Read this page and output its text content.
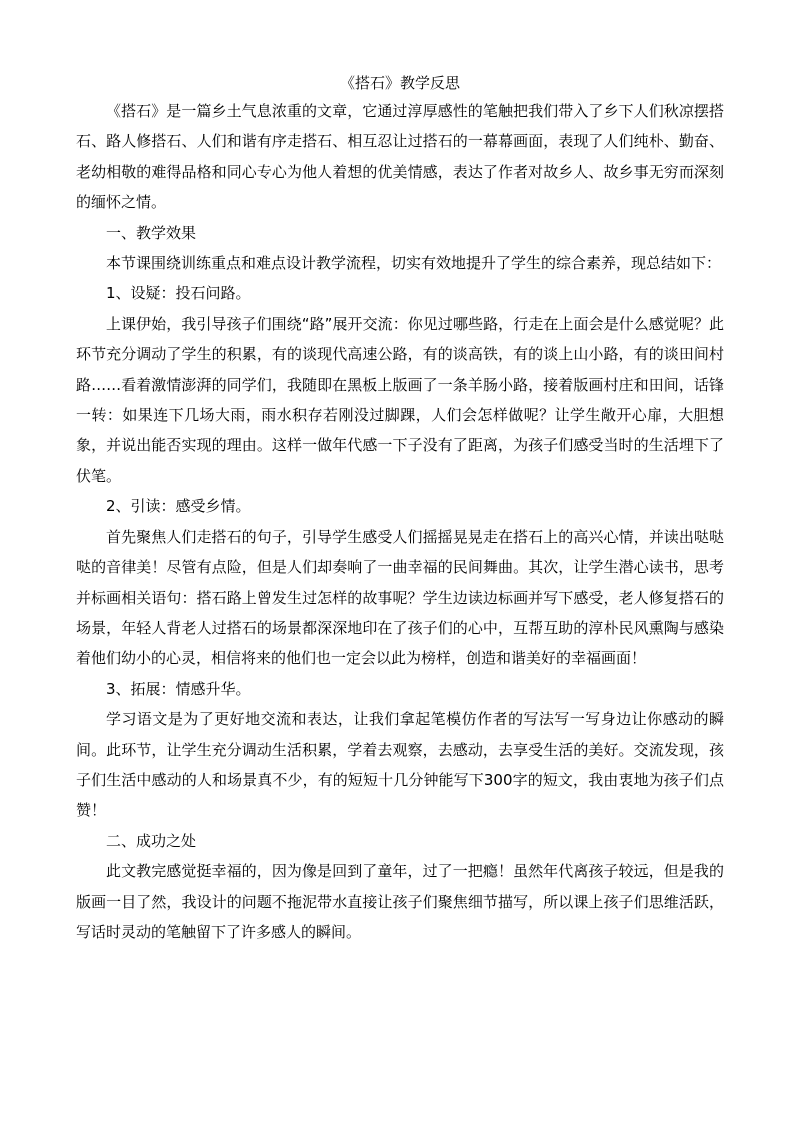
《搭石》教学反思

《搭石》是一篇乡土气息浓重的文章，它通过淳厚感性的笔触把我们带入了乡下人们秋凉摆搭石、路人修搭石、人们和谐有序走搭石、相互忍让过搭石的一幕幕画面，表现了人们纯朴、勤奋、老幼相敬的难得品格和同心专心为他人着想的优美情感，表达了作者对故乡人、故乡事无穷而深刻的缅怀之情。

一、教学效果

本节课围绕训练重点和难点设计教学流程，切实有效地提升了学生的综合素养，现总结如下：

1、设疑：投石问路。

上课伊始，我引导孩子们围绕“路”展开交流：你见过哪些路，行走在上面会是什么感觉呢？此环节充分调动了学生的积累，有的谈现代高速公路，有的谈高铁，有的谈上山小路，有的谈田间村路……看着激情澎湃的同学们，我随即在黑板上版画了一条羊肠小路，接着版画村庄和田间，话锋一转：如果连下几场大雨，雨水积存若刚没过脚踝，人们会怎样做呢？让学生敞开心扉，大胆想象，并说出能否实现的理由。这样一做年代感一下子没有了距离，为孩子们感受当时的生活埋下了伏笔。

2、引读：感受乡情。

首先聚焦人们走搭石的句子，引导学生感受人们摇摇晃晃走在搭石上的高兴心情，并读出哒哒哒的音律美！尽管有点险，但是人们却奏响了一曲幸福的民间舞曲。其次，让学生潜心读书，思考并标画相关语句：搭石路上曾发生过怎样的故事呢？学生边读边标画并写下感受，老人修复搭石的场景，年轻人背老人过搭石的场景都深深地印在了孩子们的心中，互帮互助的淳朴民风熏陶与感染着他们幼小的心灵，相信将来的他们也一定会以此为榜样，创造和谐美好的幸福画面！

3、拓展：情感升华。

学习语文是为了更好地交流和表达，让我们拿起笔模仿作者的写法写一写身边让你感动的瞬间。此环节，让学生充分调动生活积累，学着去观察，去感动，去享受生活的美好。交流发现，孩子们生活中感动的人和场景真不少，有的短短十几分钟能写下300字的短文，我由衷地为孩子们点赞！

二、成功之处

此文教完感觉挺幸福的，因为像是回到了童年，过了一把瘾！虽然年代离孩子较远，但是我的版画一目了然，我设计的问题不拖泥带水直接让孩子们聚焦细节描写，所以课上孩子们思维活跃，写话时灵动的笔触留下了许多感人的瞬间。
